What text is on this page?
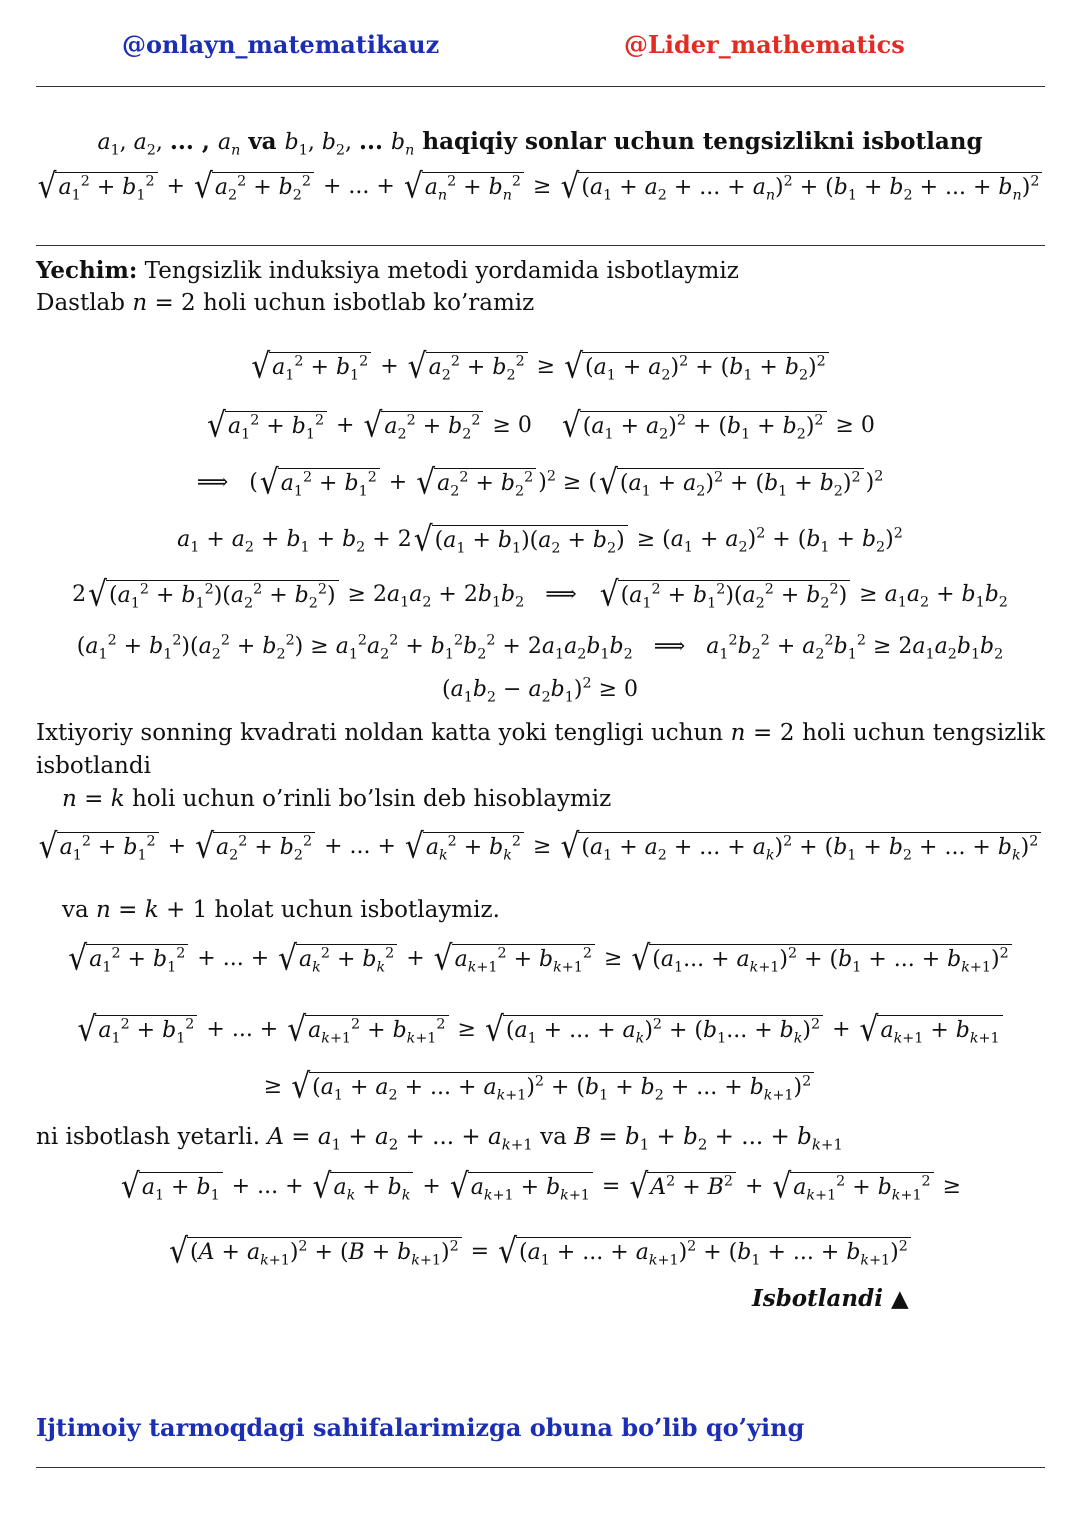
@onlayn_matematikauz	@Lider_mathematics
$a_1$, $a_2$, ... , $a_n$ va $b_1$, $b_2$, ... $b_n$ haqiqiy sonlar uchun tengsizlikni isbotlang
√ $a_1^2 + b_1^2$ + √ $a_2^2 + b_2^2$ + ... + √ $a_n^2 + b_n^2$ ≥ √ ($a_1 + a_2$ + ... + $a_n)^2 + (b_1 + b_2$ + ... + $b_n)^2$
Yechim: Tengsizlik induksiya metodi yordamida isbotlaymiz
Dastlab n = 2 holi uchun isbotlab ko’ramiz
√ $a_1^2 + b_1^2$ + √ $a_2^2 + b_2^2$ ≥ √ $(a_1 + a_2)^2 + (b_1 + b_2)^2$
√ $a_1^2 + b_1^2$ + √ $a_2^2 + b_2^2 \ge 0$ √ $(a_1 + a_2)^2 + (b_1 + b_2)^2 \ge 0$
⟹   ( √ $a_1^2 + b_1^2$ + √ $a_2^2 + b_2^2$ )$^2$ ≥ ( √ $(a_1 + a_2)^2 + (b_1 + b_2)^2$ )$^2$
$a_1 + a_2 + b_1 + b_2 + 2$ √ $(a_1 + b_1)(a_2 + b_2) \ge (a_1 + a_2)^2 + (b_1 + b_2)^2$
2 √ $(a_1^2 + b_1^2)(a_2^2 + b_2^2) \ge 2a_1a_2 + 2b_1b_2$   ⟹ √ $(a_1^2 + b_1^2)(a_2^2 + b_2^2) \ge a_1a_2 + b_1b_2$
$(a_1^2 + b_1^2)(a_2^2 + b_2^2) \ge a_1^2a_2^2 + b_1^2b_2^2 + 2a_1a_2b_1b_2$   ⟹   $a_1^2b_2^2 + a_2^2b_1^2 \ge 2a_1a_2b_1b_2$
$(a_1b_2 - a_2b_1)^2 \ge 0$
Ixtiyoriy sonning kvadrati noldan katta yoki tengligi uchun n = 2 holi uchun tengsizlik
isbotlandi
n = k holi uchun o’rinli bo’lsin deb hisoblaymiz
√ $a_1^2 + b_1^2$ + √ $a_2^2 + b_2^2$ + ... + √ $a_k^2 + b_k^2$ ≥ √ ($a_1 + a_2$ + ... + $a_k)^2 + (b_1 + b_2$ + ... + $b_k)^2$
va n = k + 1 holat uchun isbotlaymiz.
√ $a_1^2 + b_1^2$ + ... + √ $a_k^2 + b_k^2$ + √ $a_{k+1}^2 + b_{k+1}^2$ ≥ √ ($a_1$... + $a_{k+1})^2 + (b_1$ + ... + $b_{k+1})^2$
√ $a_1^2 + b_1^2$ + ... + √ $a_{k+1}^2 + b_{k+1}^2$ ≥ √ ($a_1$ + ... + $a_k)^2 + (b_1$... + $b_k)^2$ + √ $a_{k+1} + b_{k+1}$
≥ √ ($a_1 + a_2$ + ... + $a_{k+1})^2 + (b_1 + b_2$ + ... + $b_{k+1})^2$
ni isbotlash yetarli. $A = a_1 + a_2$ + ... + $a_{k+1}$ va $B = b_1 + b_2$ + ... + $b_{k+1}$
√ $a_1 + b_1$ + ... + √ $a_k + b_k$ + √ $a_{k+1} + b_{k+1}$ = √ $A^2 + B^2$ + √ $a_{k+1}^2 + b_{k+1}^2$ ≥
√ $(A + a_{k+1})^2 + (B + b_{k+1})^2$ = √ ($a_1$ + ... + $a_{k+1})^2 + (b_1$ + ... + $b_{k+1})^2$
Isbotlandi ▲
Ijtimoiy tarmoqdagi sahifalarimizga obuna bo’lib qo’ying
